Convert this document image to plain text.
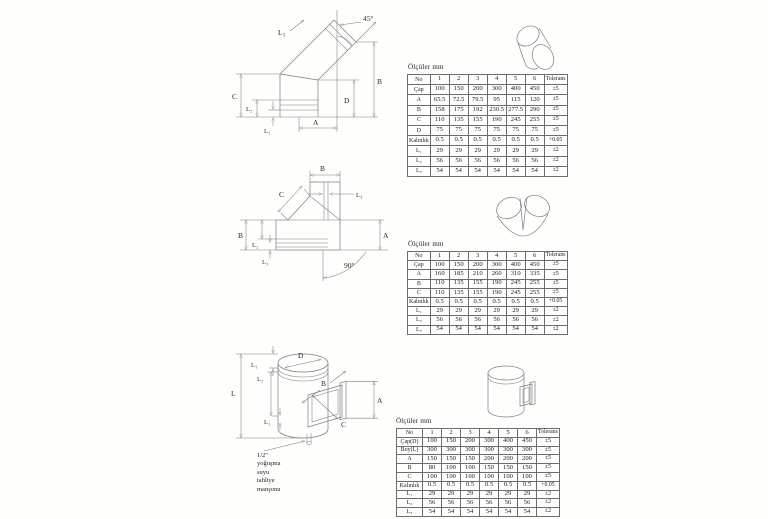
45°
L₃
C
L₂
L₁
A
D
B
Ölçüler mm
No	1	2	3	4	5	6	Tolerans
Çap	100	150	200	300	400	450	±5
A	65.5	72.5	79.5	95	115	120	±5
B	158	175	192	230.5	277.5	290	±5
C	110	135	155	190	245	255	±5
D	75	75	75	75	75	75	±5
Kalınlık	0.5	0.5	0.5	0.5	0.5	0.5	+0.05
L₁	29	29	29	29	29	29	±2
L₂	56	56	56	56	56	56	±2
L₃	54	54	54	54	54	54	±2
B
L₃
C
B
L₂
L₁
A
90°
Ölçüler mm
No	1	2	3	4	5	6	Tolerans
Çap	100	150	200	300	400	450	±5
A	160	185	210	260	310	335	±5
B	110	135	155	190	245	255	±5
C	110	135	155	190	245	255	±5
Kalınlık	0.5	0.5	0.5	0.5	0.5	0.5	+0.05
L₁	29	29	29	29	29	29	±2
L₂	56	56	56	56	56	56	±2
L₃	54	54	54	54	54	54	±2
D
B
C
L
L₁
L₂
L₁
A
1/2"
yoğuşma
suyu
tahliye
manşonu
Ölçüler mm
No	1	2	3	4	5	6	Tolerans
Çap(D)	100	150	200	300	400	450	±5
Boy(L)	300	300	300	300	300	300	±5
A	150	150	150	200	200	200	±5
B	80	100	100	150	150	150	±5
C	100	100	100	100	100	100	±5
Kalınlık	0.5	0.5	0.5	0.5	0.5	0.5	+0.05
L₁	29	29	29	29	29	29	±2
L₂	56	56	56	56	56	56	±2
L₃	54	54	54	54	54	54	±2
